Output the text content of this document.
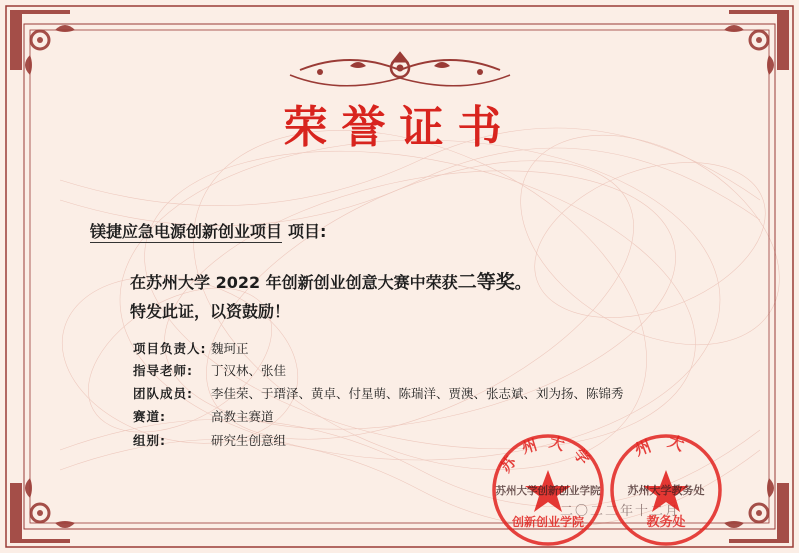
荣誉证书
镁捷应急电源创新创业项目 项目:
在苏州大学 2022 年创新创业创意大赛中荣获二等奖。
特发此证，以资鼓励！
项目负责人: 魏珂正
指导老师: 丁汉林、张佳
团队成员: 李佳荣、于瑨泽、黄卓、付星萌、陈瑞洋、贾澳、张志斌、刘为扬、陈锦秀
赛道:	高教主赛道
组别:	研究生创意组
二〇二二年十二月
苏州大学
苏州大学创新创业学院
创新创业学院
州大
苏州大学教务处
教务处
